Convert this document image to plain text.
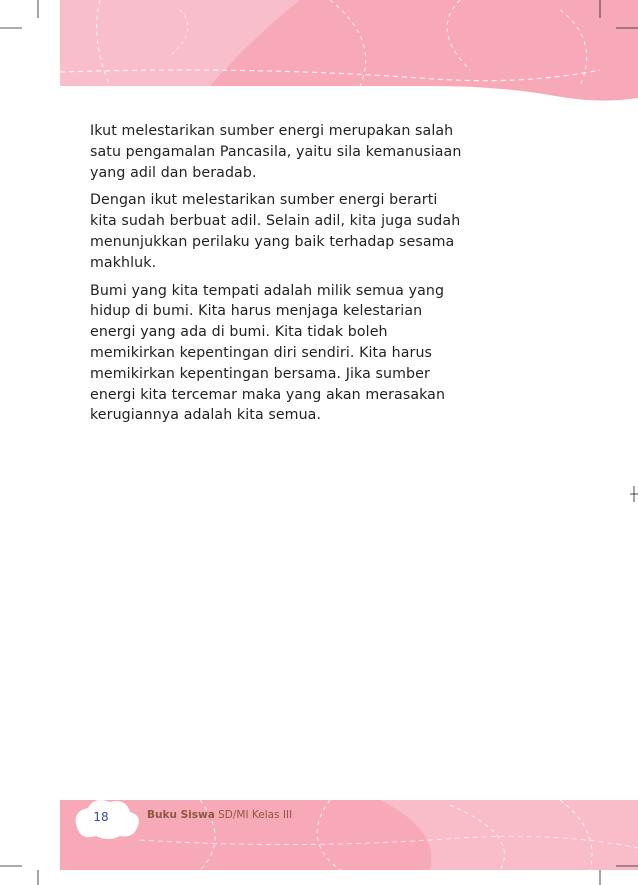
Ikut melestarikan sumber energi merupakan salah
satu pengamalan Pancasila, yaitu sila kemanusiaan
yang adil dan beradab.

Dengan ikut melestarikan sumber energi berarti
kita sudah berbuat adil. Selain adil, kita juga sudah
menunjukkan perilaku yang baik terhadap sesama
makhluk.

Bumi yang kita tempati adalah milik semua yang
hidup di bumi. Kita harus menjaga kelestarian
energi yang ada di bumi. Kita tidak boleh
memikirkan kepentingan diri sendiri. Kita harus
memikirkan kepentingan bersama. Jika sumber
energi kita tercemar maka yang akan merasakan
kerugiannya adalah kita semua.

18	Buku Siswa SD/MI Kelas III
